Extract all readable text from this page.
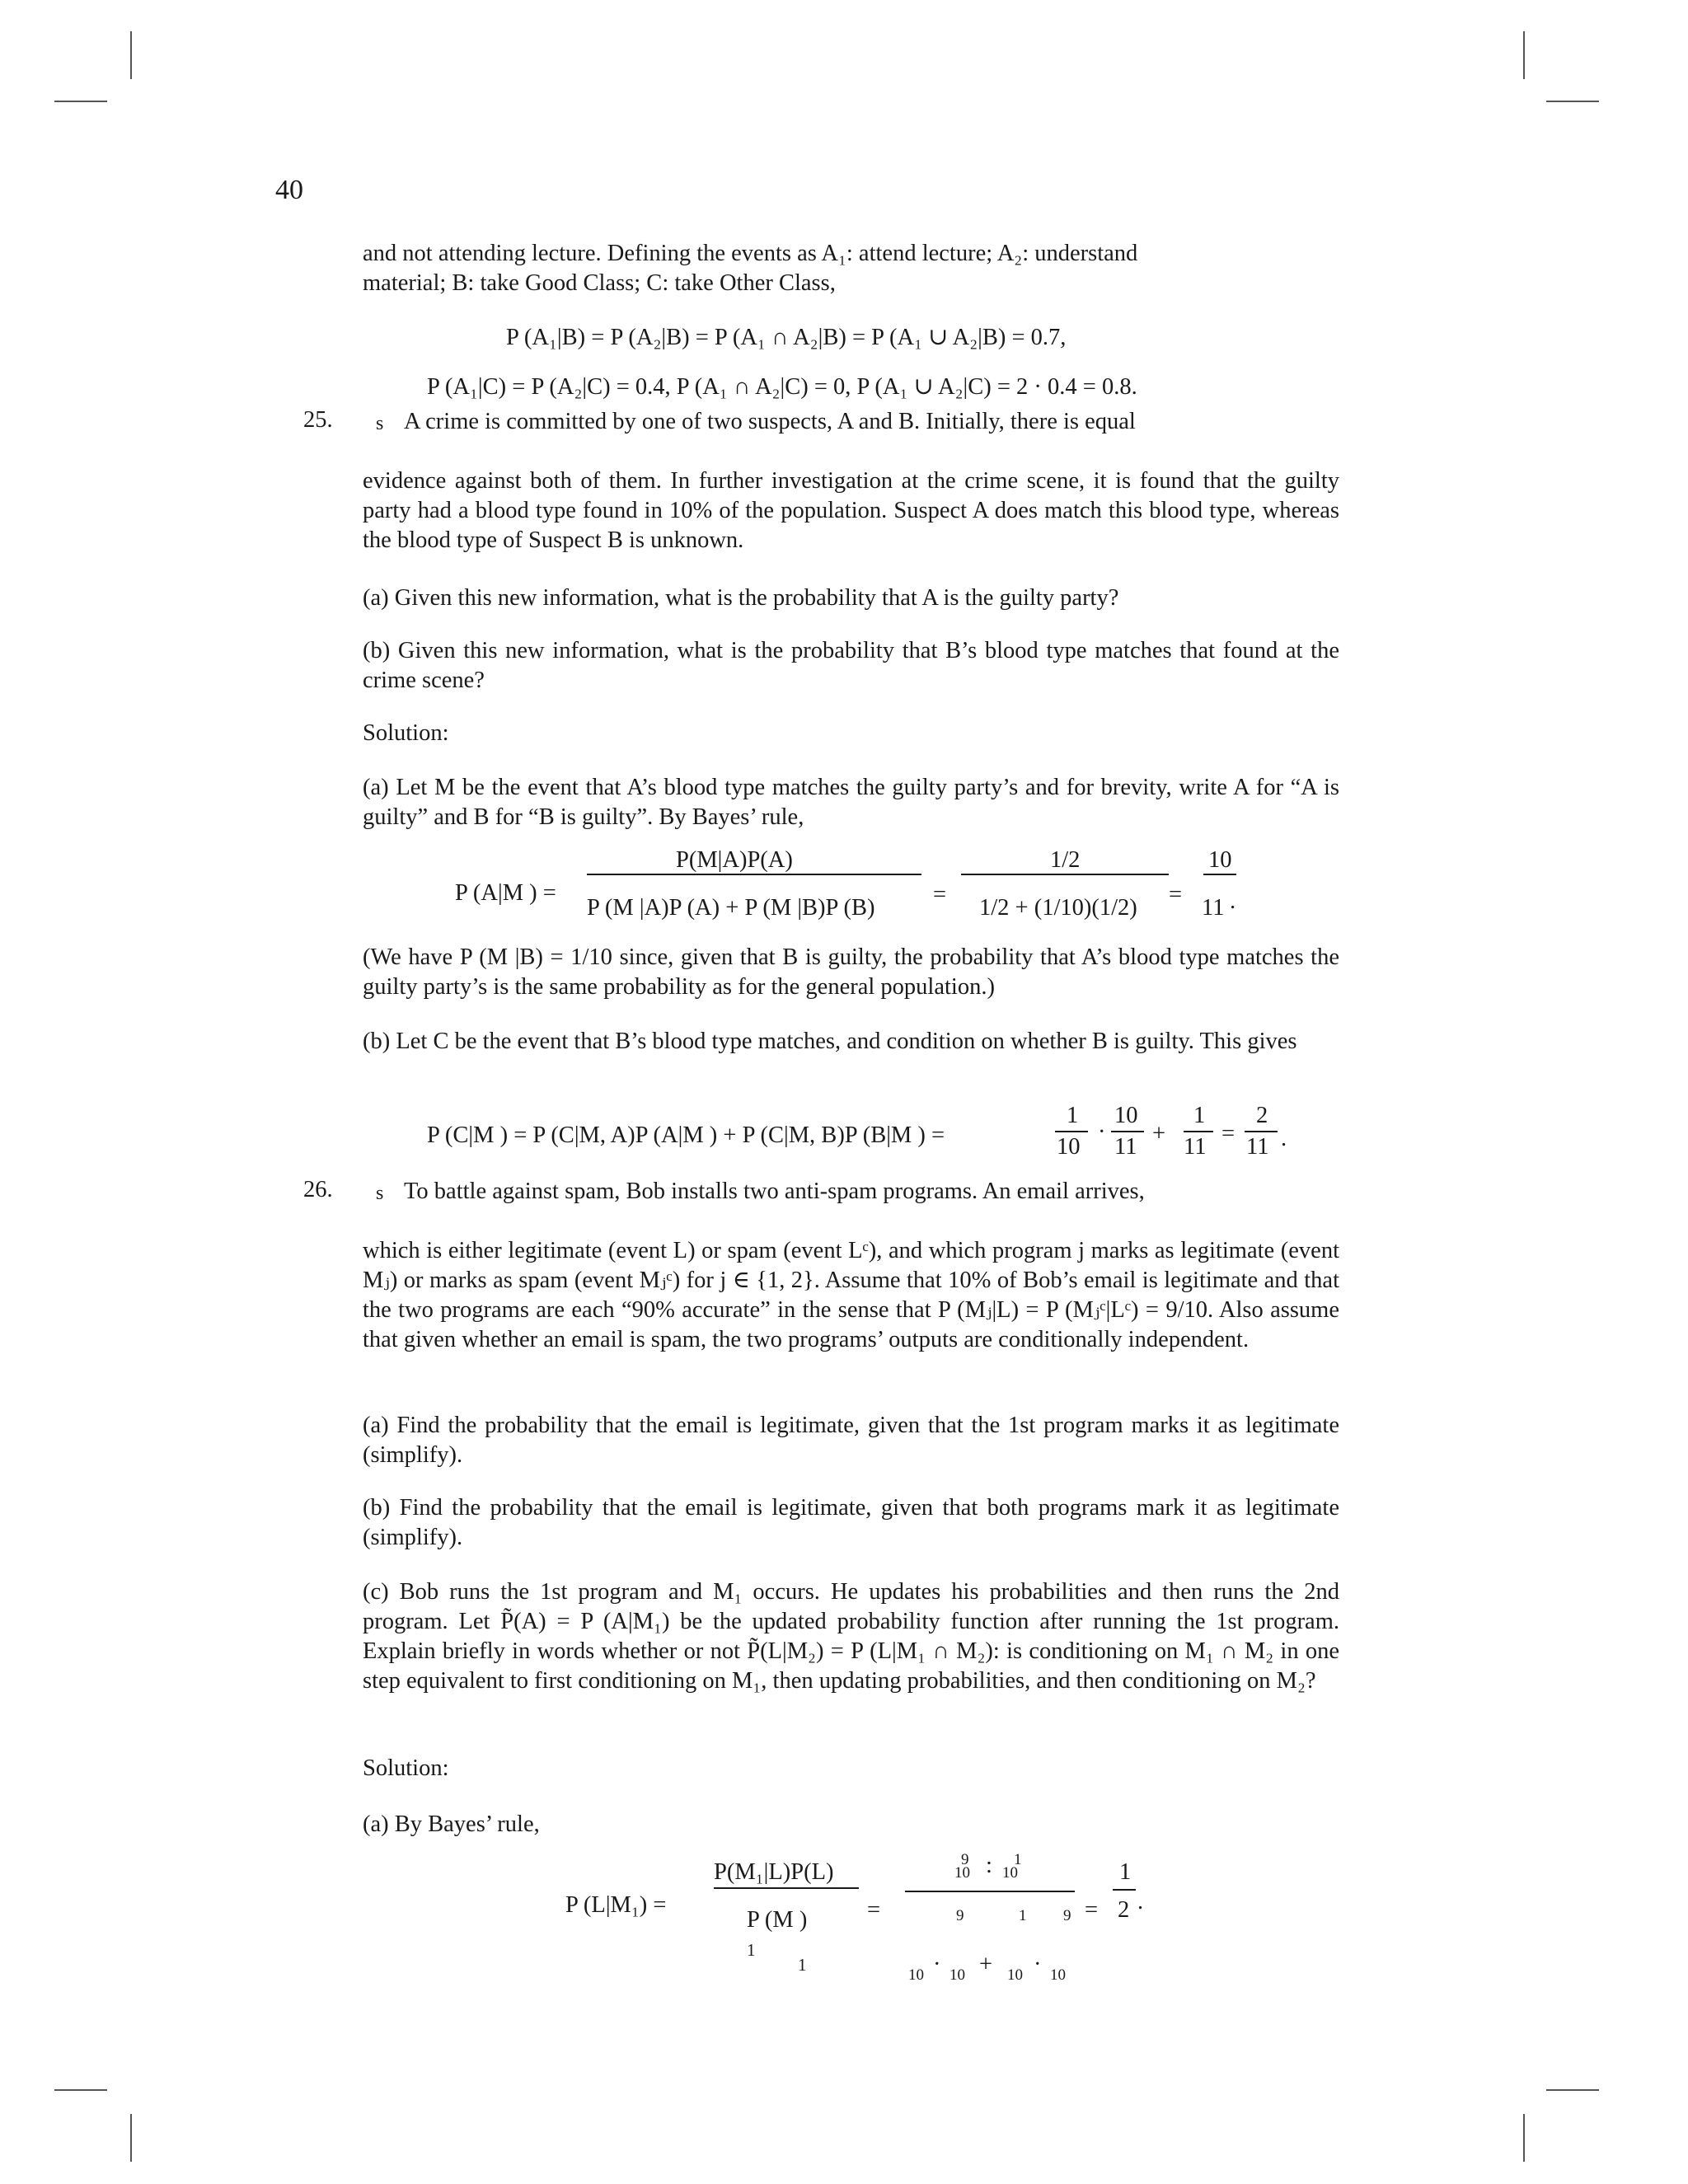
40
and not attending lecture. Defining the events as A₁: attend lecture; A₂: understand
material; B: take Good Class; C: take Other Class,
P (A₁|B) = P (A₂|B) = P (A₁ ∩ A₂|B) = P (A₁ ∪ A₂|B) = 0.7,
P (A₁|C) = P (A₂|C) = 0.4, P (A₁ ∩ A₂|C) = 0, P (A₁ ∪ A₂|C) = 2 · 0.4 = 0.8.
25. s A crime is committed by one of two suspects, A and B. Initially, there is equal

evidence against both of them. In further investigation at the crime scene, it is found that the guilty party had a blood type found in 10% of the population. Suspect A does match this blood type, whereas the blood type of Suspect B is unknown.

(a) Given this new information, what is the probability that A is the guilty party?

(b) Given this new information, what is the probability that B’s blood type matches that found at the crime scene?

Solution:

(a) Let M be the event that A’s blood type matches the guilty party’s and for brevity, write A for “A is guilty” and B for “B is guilty”. By Bayes’ rule,

P (A|M ) =
P(M|A)P(A)
P (M |A)P (A) + P (M |B)P (B)
=
1/2
1/2 + (1/10)(1/2)
=
10
11 .

(We have P (M |B) = 1/10 since, given that B is guilty, the probability that A’s blood type matches the guilty party’s is the same probability as for the general population.)

(b) Let C be the event that B’s blood type matches, and condition on whether B is guilty. This gives

P (C|M ) = P (C|M, A)P (A|M ) + P (C|M, B)P (B|M ) =
1
10
·
10
11
+
1
11
=
2
11 .
26. s To battle against spam, Bob installs two anti-spam programs. An email arrives,

which is either legitimate (event L) or spam (event Lᶜ), and which program j marks as legitimate (event Mⱼ) or marks as spam (event Mⱼᶜ) for j ∈ {1, 2}. Assume that 10% of Bob’s email is legitimate and that the two programs are each “90% accurate” in the sense that P (Mⱼ|L) = P (Mⱼᶜ|Lᶜ) = 9/10. Also assume that given whether an email is spam, the two programs’ outputs are conditionally independent.

(a) Find the probability that the email is legitimate, given that the 1st program marks it as legitimate (simplify).

(b) Find the probability that the email is legitimate, given that both programs mark it as legitimate (simplify).

(c) Bob runs the 1st program and M₁ occurs. He updates his probabilities and then runs the 2nd program. Let P̃(A) = P (A|M₁) be the updated probability function after running the 1st program. Explain briefly in words whether or not P̃(L|M₂) = P (L|M₁ ∩ M₂): is conditioning on M₁ ∩ M₂ in one step equivalent to first conditioning on M₁, then updating probabilities, and then conditioning on M₂?

Solution:
(a) By Bayes’ rule,
P (L|M₁) =
P(M₁|L)P(L)
P (M )
1
1
=
9
10 : 1
10
9	1 9
10 · 10 + 10 · 10
=
1
2 .
